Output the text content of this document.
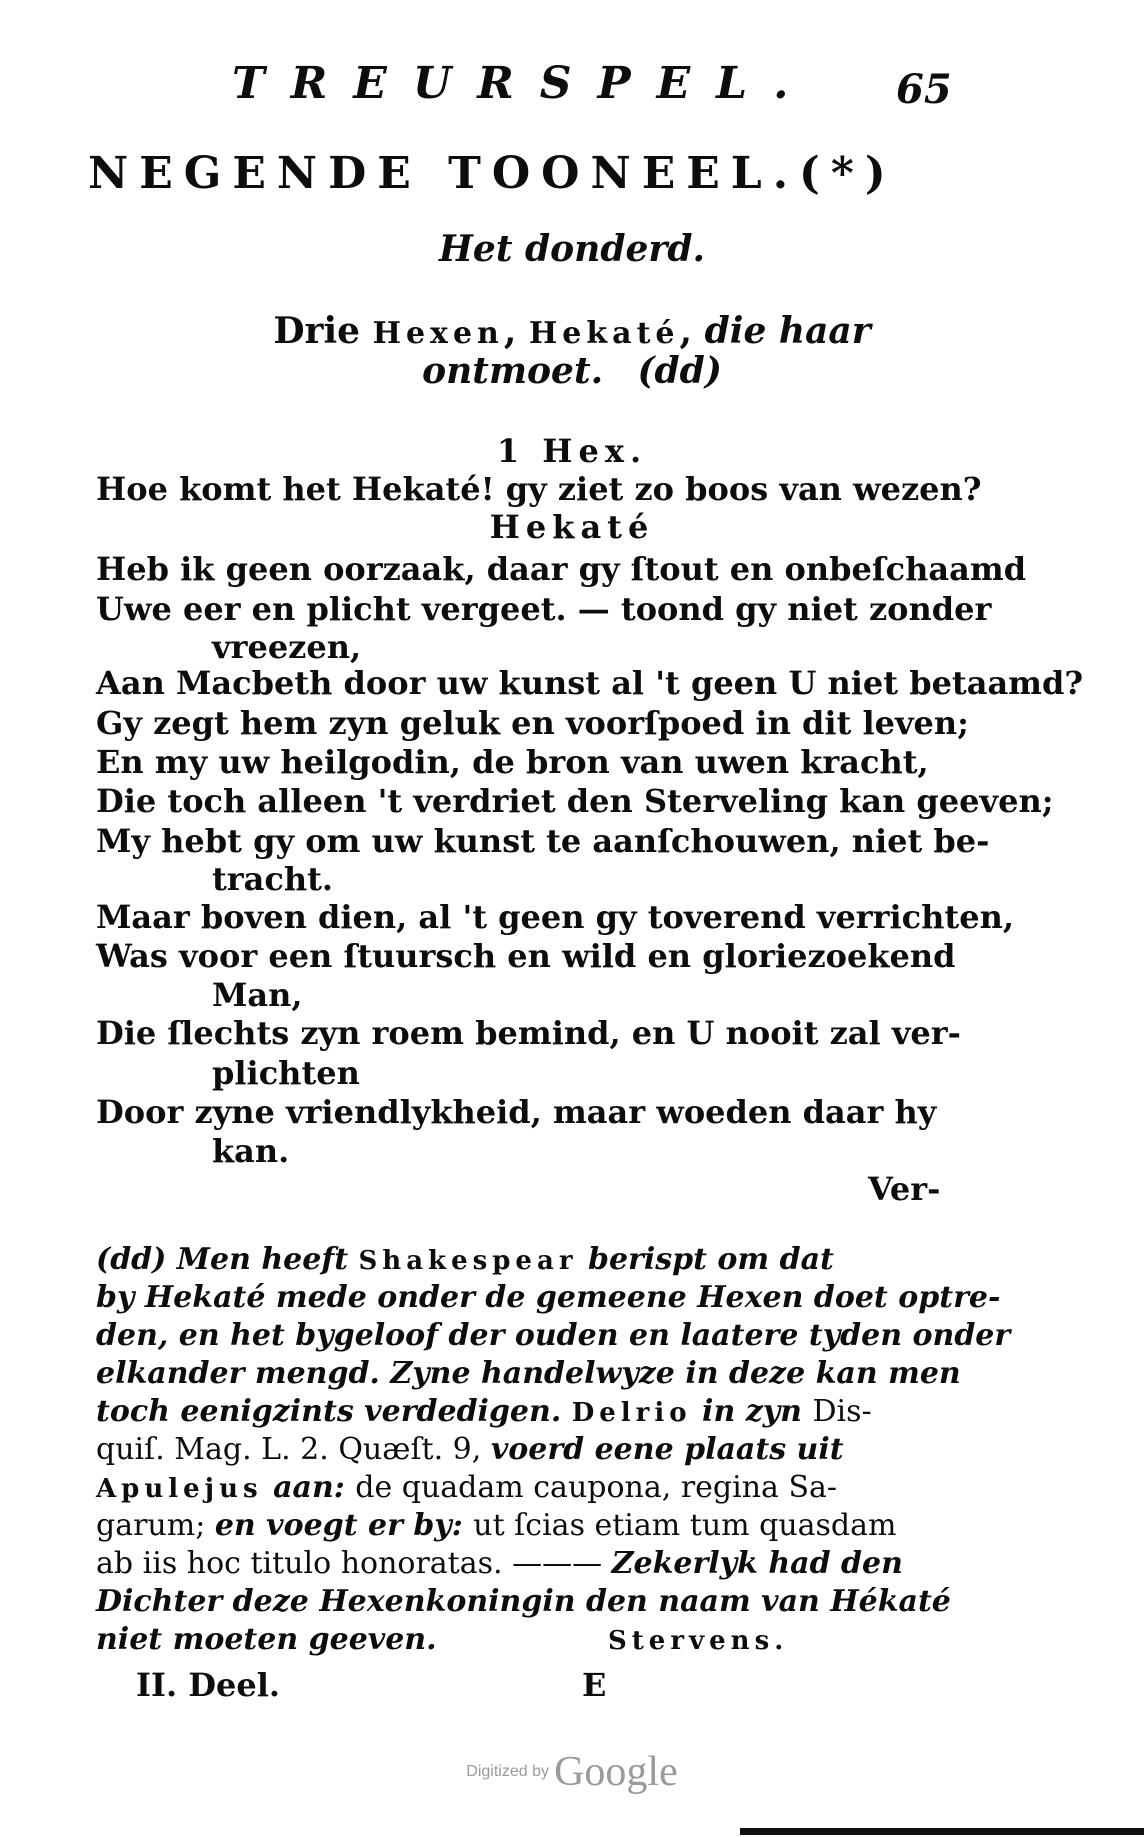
TREURSPEL. 65
NEGENDE TOONEEL.(*)
Het donderd.
Drie Hexen, Hekaté, die haar
ontmoet. (dd)
1 Hex.
Hoe komt het Hekaté! gy ziet zo boos van wezen?
Hekaté
Heb ik geen oorzaak, daar gy ſtout en onbeſchaamd
Uwe eer en plicht vergeet. — toond gy niet zonder
vreezen,
Aan Macbeth door uw kunst al 't geen U niet betaamd?
Gy zegt hem zyn geluk en voorſpoed in dit leven;
En my uw heilgodin, de bron van uwen kracht,
Die toch alleen 't verdriet den Sterveling kan geeven;
My hebt gy om uw kunst te aanſchouwen, niet be-
tracht.
Maar boven dien, al 't geen gy toverend verrichten,
Was voor een ſtuursch en wild en gloriezoekend
Man,
Die ſlechts zyn roem bemind, en U nooit zal ver-
plichten
Door zyne vriendlykheid, maar woeden daar hy
kan.
Ver-
(dd) Men heeft Shakespear berispt om dat
by Hekaté mede onder de gemeene Hexen doet optre-
den, en het bygeloof der ouden en laatere tyden onder
elkander mengd. Zyne handelwyze in deze kan men
toch eenigzints verdedigen. Delrio in zyn Dis-
quiſ. Mag. L. 2. Quæſt. 9, voerd eene plaats uit
Apulejus aan: de quadam caupona, regina Sa-
garum; en voegt er by: ut ſcias etiam tum quasdam
ab iis hoc titulo honoratas. ——— Zekerlyk had den
Dichter deze Hexenkoningin den naam van Hékaté
niet moeten geeven.	Stervens.
II. Deel.	E
Digitized by Google
